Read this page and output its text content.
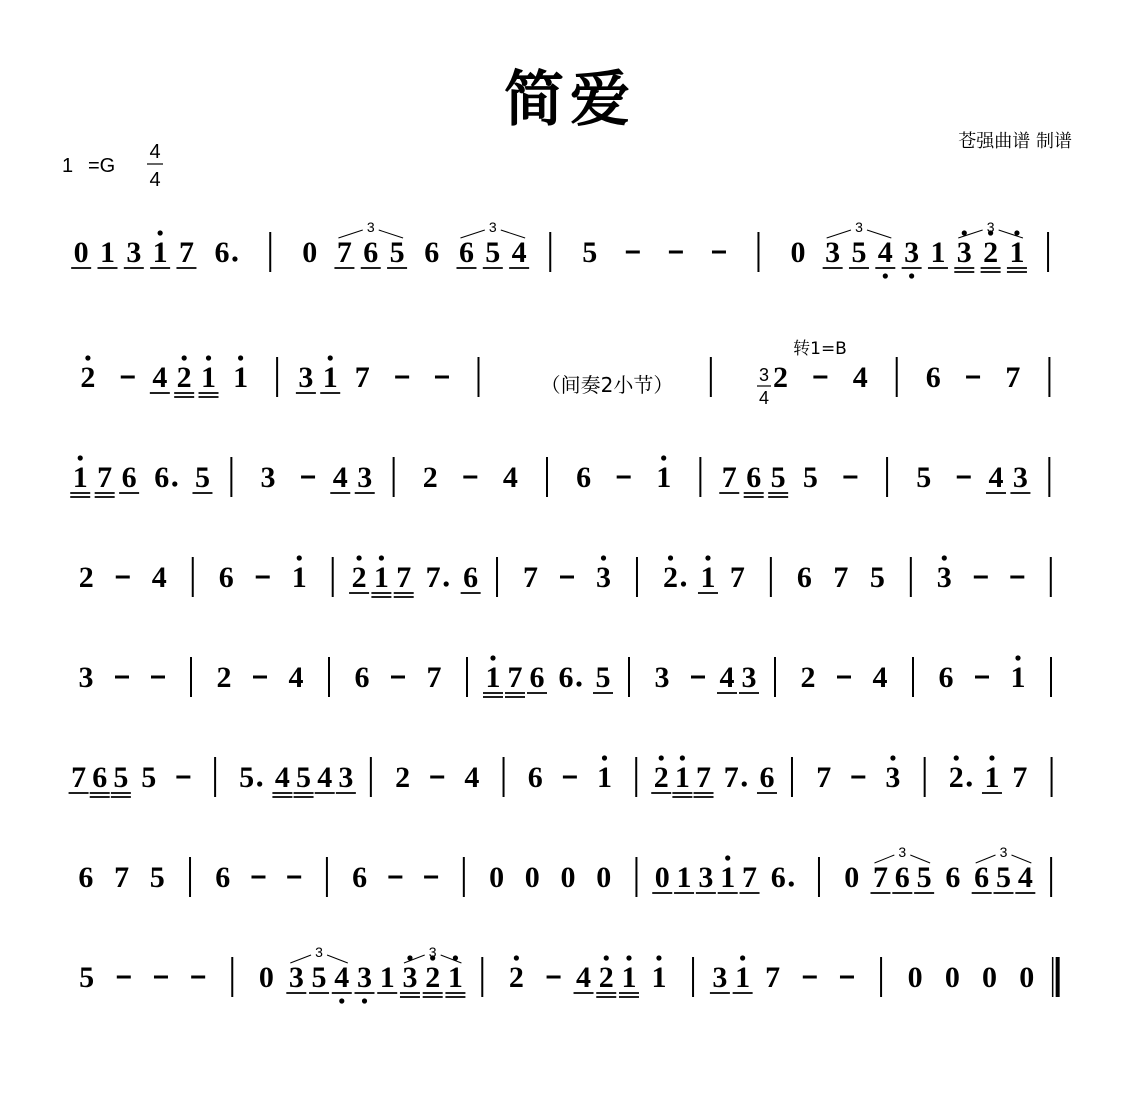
简爱
苍强曲谱 制谱
1 =G
4
4
（间奏2小节）
转1=B
3
4
0 1 3 1 7 6 0 7 6 5
3
6 6 5 4
3
5	0 3 5 4
3
3 1 3 2 1
3
2 4 2 1 1 3 1 7	2 4 6 7
1 7 6 6 5 3 4 3 2 4 6 1 7 6 5 5	5 4 3
2 4 6 1 2 1 7 7 6 7 3 2 1 7 6 7 5 3
3	2 4 6 7 1 7 6 6 5 3 4 3 2 4 6 1
7 6 5 5	5 4 5 4 3 2 4 6 1 2 1 7 7 6 7 3 2 1 7
6 7 5 6	6	0 0 0 0 0 1 3 1 7 6 0 7 6 5
3
6 6 5 4
3
5	0 3 5 4
3
3 1 3 2 1
3
2 4 2 1 1 3 1 7	0 0 0 0
